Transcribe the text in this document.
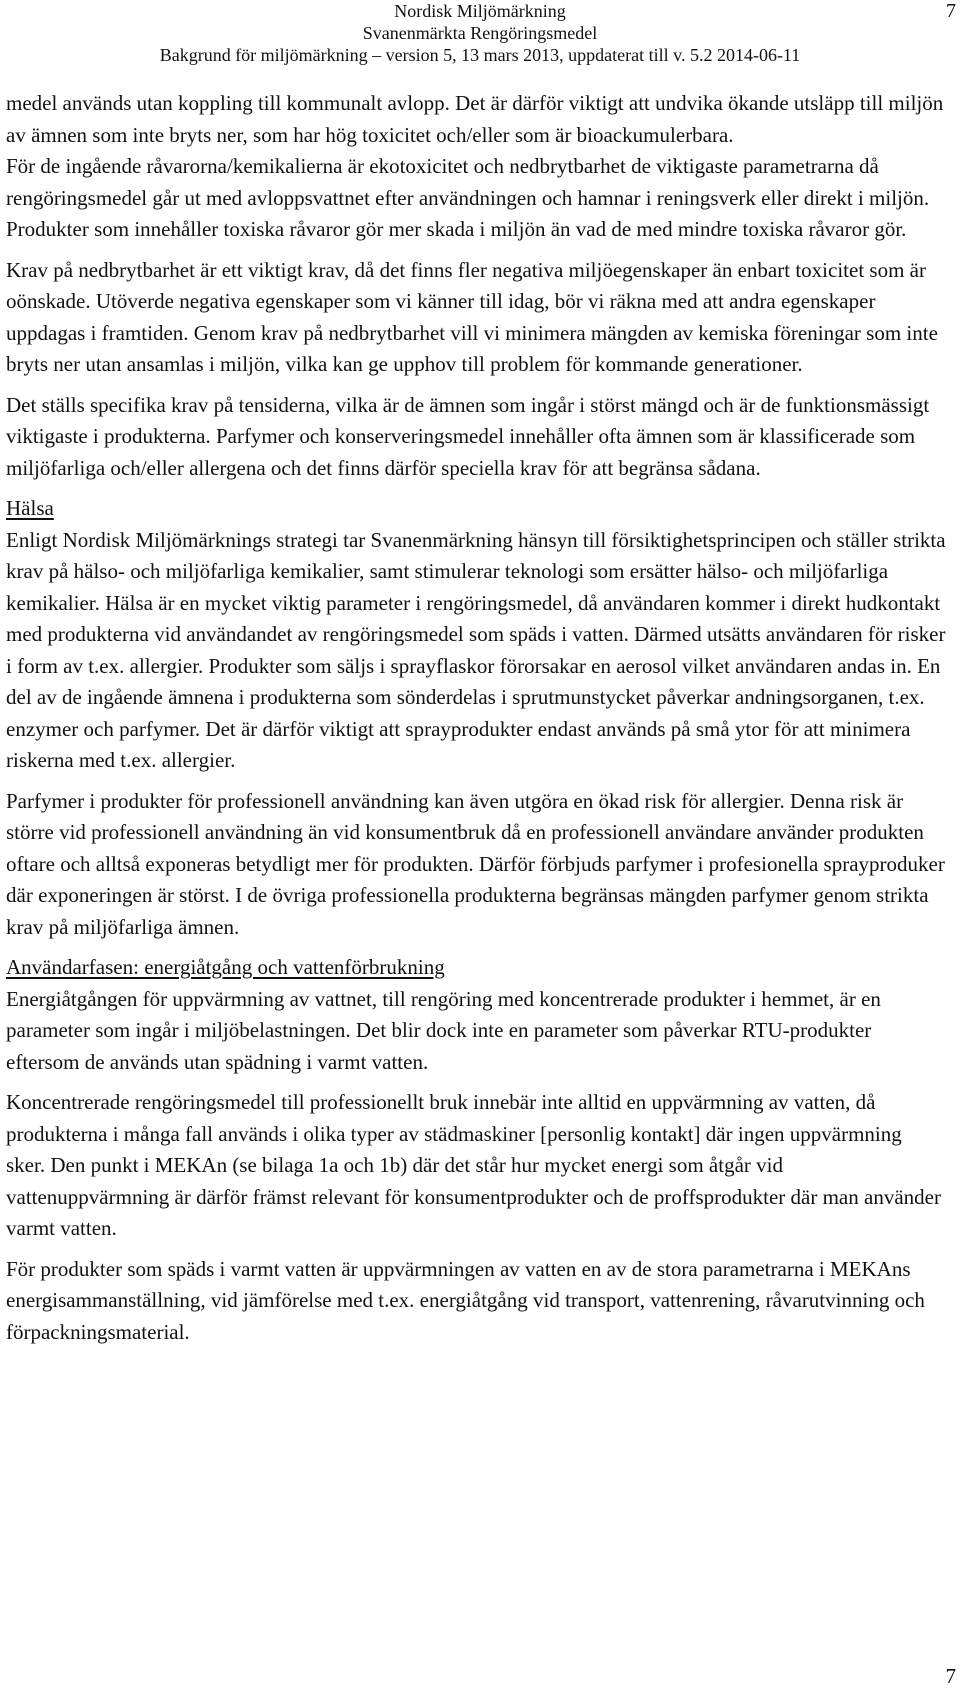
Nordisk Miljömärkning
Svanenmärkta Rengöringsmedel
Bakgrund för miljömärkning – version 5, 13 mars 2013, uppdaterat till v. 5.2 2014-06-11
7

medel används utan koppling till kommunalt avlopp. Det är därför viktigt att undvika ökande utsläpp till miljön av ämnen som inte bryts ner, som har hög toxicitet och/eller som är bioackumulerbara.

För de ingående råvarorna/kemikalierna är ekotoxicitet och nedbrytbarhet de viktigaste parametrarna då rengöringsmedel går ut med avloppsvattnet efter användningen och hamnar i reningsverk eller direkt i miljön. Produkter som innehåller toxiska råvaror gör mer skada i miljön än vad de med mindre toxiska råvaror gör.

Krav på nedbrytbarhet är ett viktigt krav, då det finns fler negativa miljöegenskaper än enbart toxicitet som är oönskade. Utöverde negativa egenskaper som vi känner till idag, bör vi räkna med att andra egenskaper uppdagas i framtiden. Genom krav på nedbrytbarhet vill vi minimera mängden av kemiska föreningar som inte bryts ner utan ansamlas i miljön, vilka kan ge upphov till problem för kommande generationer.

Det ställs specifika krav på tensiderna, vilka är de ämnen som ingår i störst mängd och är de funktionsmässigt viktigaste i produkterna. Parfymer och konserveringsmedel innehåller ofta ämnen som är klassificerade som miljöfarliga och/eller allergena och det finns därför speciella krav för att begränsa sådana.

Hälsa

Enligt Nordisk Miljömärknings strategi tar Svanenmärkning hänsyn till försiktighetsprincipen och ställer strikta krav på hälso- och miljöfarliga kemikalier, samt stimulerar teknologi som ersätter hälso- och miljöfarliga kemikalier. Hälsa är en mycket viktig parameter i rengöringsmedel, då användaren kommer i direkt hudkontakt med produkterna vid användandet av rengöringsmedel som späds i vatten. Därmed utsätts användaren för risker i form av t.ex. allergier. Produkter som säljs i sprayflaskor förorsakar en aerosol vilket användaren andas in. En del av de ingående ämnena i produkterna som sönderdelas i sprutmunstycket påverkar andningsorganen, t.ex. enzymer och parfymer. Det är därför viktigt att sprayprodukter endast används på små ytor för att minimera riskerna med t.ex. allergier.

Parfymer i produkter för professionell användning kan även utgöra en ökad risk för allergier. Denna risk är större vid professionell användning än vid konsumentbruk då en professionell användare använder produkten oftare och alltså exponeras betydligt mer för produkten. Därför förbjuds parfymer i profesionella sprayproduker där exponeringen är störst. I de övriga professionella produkterna begränsas mängden parfymer genom strikta krav på miljöfarliga ämnen.

Användarfasen: energiåtgång och vattenförbrukning

Energiåtgången för uppvärmning av vattnet, till rengöring med koncentrerade produkter i hemmet, är en parameter som ingår i miljöbelastningen. Det blir dock inte en parameter som påverkar RTU-produkter eftersom de används utan spädning i varmt vatten.

Koncentrerade rengöringsmedel till professionellt bruk innebär inte alltid en uppvärmning av vatten, då produkterna i många fall används i olika typer av städmaskiner [personlig kontakt] där ingen uppvärmning sker. Den punkt i MEKAn (se bilaga 1a och 1b) där det står hur mycket energi som åtgår vid vattenuppvärmning är därför främst relevant för konsumentprodukter och de proffsprodukter där man använder varmt vatten.

För produkter som späds i varmt vatten är uppvärmningen av vatten en av de stora parametrarna i MEKAns energisammanställning, vid jämförelse med t.ex. energiåtgång vid transport, vattenrening, råvarutvinning och förpackningsmaterial.

7
